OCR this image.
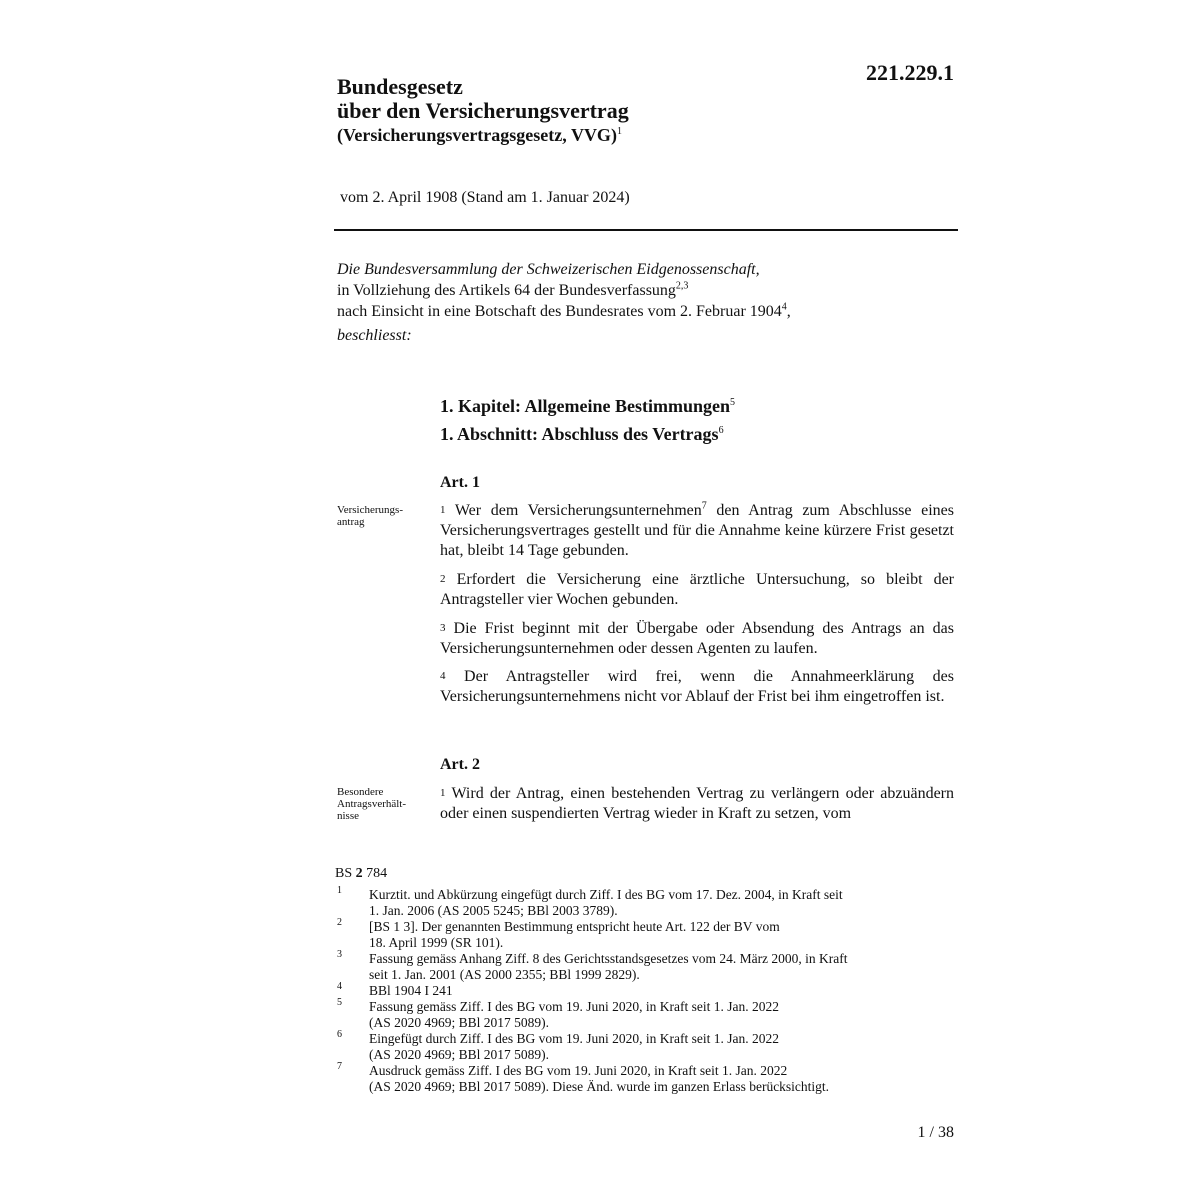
221.229.1
Bundesgesetz
über den Versicherungsvertrag
(Versicherungsvertragsgesetz, VVG)$^1$
vom 2. April 1908 (Stand am 1. Januar 2024)
Die Bundesversammlung der Schweizerischen Eidgenossenschaft,
in Vollziehung des Artikels 64 der Bundesverfassung$^{2,3}$
nach Einsicht in eine Botschaft des Bundesrates vom 2. Februar 1904$^4$,
beschliesst:
1. Kapitel: Allgemeine Bestimmungen$^5$
1. Abschnitt: Abschluss des Vertrags$^6$
Art. 1
Versicherungs-
antrag
$^1$ Wer dem Versicherungsunternehmen$^7$ den Antrag zum Abschlusse eines Versicherungsvertrages gestellt und für die Annahme keine kürzere Frist gesetzt hat, bleibt 14 Tage gebunden.
$^2$ Erfordert die Versicherung eine ärztliche Untersuchung, so bleibt der Antragsteller vier Wochen gebunden.
$^3$ Die Frist beginnt mit der Übergabe oder Absendung des Antrags an das Versicherungsunternehmen oder dessen Agenten zu laufen.
$^4$ Der Antragsteller wird frei, wenn die Annahmeerklärung des Versicherungsunternehmens nicht vor Ablauf der Frist bei ihm eingetroffen ist.
Art. 2
Besondere
Antragsverhält-
nisse
$^1$ Wird der Antrag, einen bestehenden Vertrag zu verlängern oder abzuändern oder einen suspendierten Vertrag wieder in Kraft zu setzen, vom
BS 2 784
1 Kurztit. und Abkürzung eingefügt durch Ziff. I des BG vom 17. Dez. 2004, in Kraft seit
1. Jan. 2006 (AS 2005 5245; BBl 2003 3789).
2 [BS 1 3]. Der genannten Bestimmung entspricht heute Art. 122 der BV vom
18. April 1999 (SR 101).
3 Fassung gemäss Anhang Ziff. 8 des Gerichtsstandsgesetzes vom 24. März 2000, in Kraft
seit 1. Jan. 2001 (AS 2000 2355; BBl 1999 2829).
4 BBl 1904 I 241
5 Fassung gemäss Ziff. I des BG vom 19. Juni 2020, in Kraft seit 1. Jan. 2022
(AS 2020 4969; BBl 2017 5089).
6 Eingefügt durch Ziff. I des BG vom 19. Juni 2020, in Kraft seit 1. Jan. 2022
(AS 2020 4969; BBl 2017 5089).
7 Ausdruck gemäss Ziff. I des BG vom 19. Juni 2020, in Kraft seit 1. Jan. 2022
(AS 2020 4969; BBl 2017 5089). Diese Änd. wurde im ganzen Erlass berücksichtigt.
1 / 38
